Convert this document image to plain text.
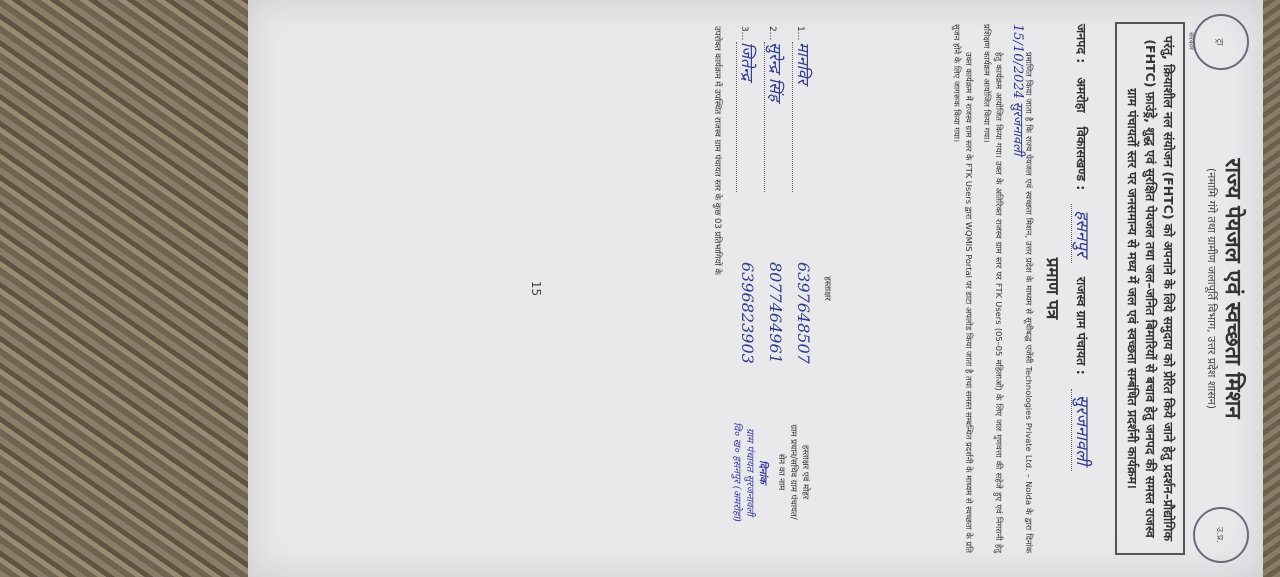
ट्रा
सरकार
उ.प्र.
राज्य पेयजल एवं स्वच्छता मिशन
(नमामि गंगे तथा ग्रामीण जलापूर्ति विभाग, उत्तर प्रदेश शासन)
परंतु, क्रियाशील नल संयोजन (FHTC) को अपनाने के लिये समुदाय को प्रेरित किये जाने हेतु प्रदर्शन–प्रौद्योगिक (FHTC) फ़ाउंड्रे, शुद्ध एवं सुरक्षित पेयजल तथा जल–जनित बिमारियों से बचाव हेतु जनपद की समस्त राजस्व ग्राम पंचायतों स्तर पर जनसमान्य से मध्य में जल एवं स्वच्छता सम्बंधित प्रदर्शनी कार्यक्रम।
जनपद :
अमरोहा
विकासखण्ड :
हसनपुर
राजस्व ग्राम पंचायत :
सुरजनावली
प्रमाण पत्र

प्रमाणित किया जाता है कि राज्य पेयजल एवं स्वच्छता मिशन, उत्तर प्रदेश के माध्यम से सूचीबद्ध एजेंसी Technologies Private Ltd. – Noida के द्वारा दिनांक 15/10/2024 सुरजनावली

हेतु कार्यक्रम आयोजित किया गया। उक्त के अतिरिक्त राजस्व ग्राम स्तर पर FTK Users (05–05 महिलाओं) के लिए जल गुणवत्ता की सहेजे हुए एवं निगरानी हेतु प्रशिक्षण कार्यक्रम आयोजित किया गया।

उक्त कार्यक्रम में राजस्व ग्राम स्तर के FTK Users द्वारा WQMIS Portal पर डाटा अपलोड किया जाता है तथा समस्त सम्बन्धित प्रदर्शनी के माध्यम से स्वच्छता के प्रति सुजन होने के लिए जागरूक किया गया।

हस्ताक्षर
1...
मानविर
6397648507
2...
सुरेन्द्र सिंह
8077464961
3...
जितेन्द्र
6396823903
हस्ताक्षर एवं मोहर
ग्राम प्रधान/सचिव ग्राम पंचायत/
सेन का नाम
दिनांक
ग्राम पंचायत सुरजनावली
वि० ख० हसनपुर (अमरोहा)
उपरोक्त कार्यक्रम में उपस्थित राजस्व ग्राम पंचायत स्तर के कुछ 03 प्रतिभागियों के
15
